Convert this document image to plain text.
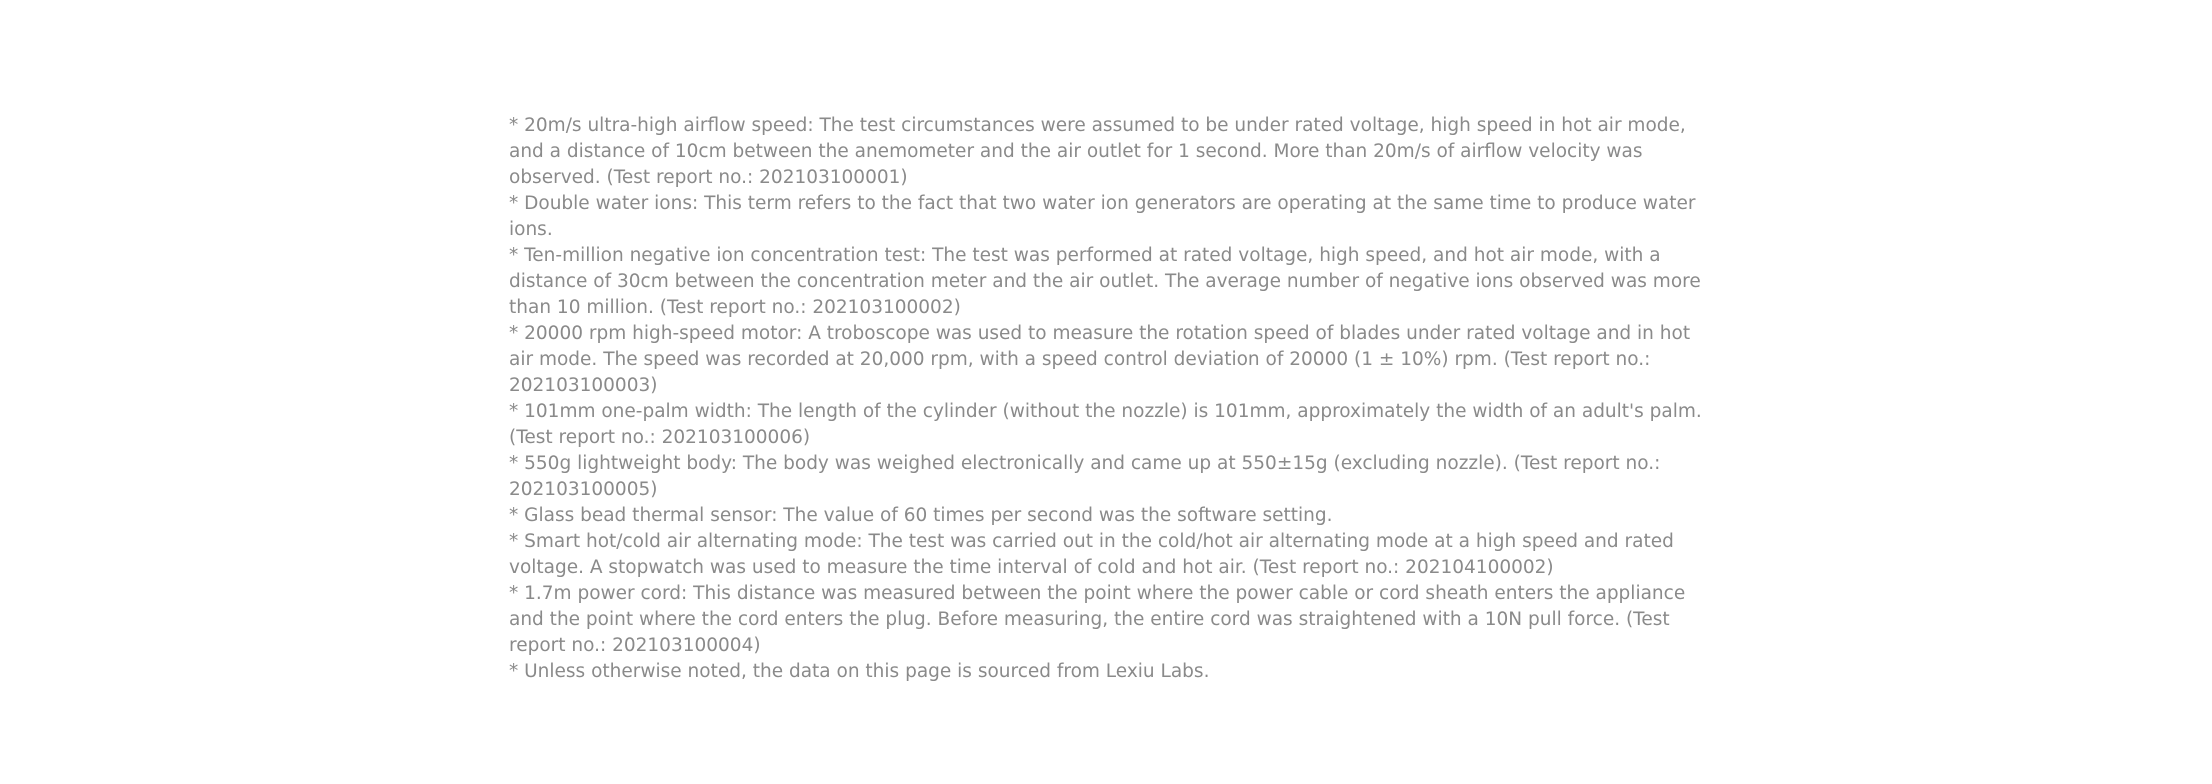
* 20m/s ultra-high airflow speed: The test circumstances were assumed to be under rated voltage, high speed in hot air mode, and a distance of 10cm between the anemometer and the air outlet for 1 second. More than 20m/s of airflow velocity was observed. (Test report no.: 202103100001)
* Double water ions: This term refers to the fact that two water ion generators are operating at the same time to produce water ions.
* Ten-million negative ion concentration test: The test was performed at rated voltage, high speed, and hot air mode, with a distance of 30cm between the concentration meter and the air outlet. The average number of negative ions observed was more than 10 million. (Test report no.: 202103100002)
* 20000 rpm high-speed motor: A troboscope was used to measure the rotation speed of blades under rated voltage and in hot air mode. The speed was recorded at 20,000 rpm, with a speed control deviation of 20000 (1 ± 10%) rpm. (Test report no.: 202103100003)
* 101mm one-palm width: The length of the cylinder (without the nozzle) is 101mm, approximately the width of an adult's palm. (Test report no.: 202103100006)
* 550g lightweight body: The body was weighed electronically and came up at 550±15g (excluding nozzle). (Test report no.: 202103100005)
* Glass bead thermal sensor: The value of 60 times per second was the software setting.
* Smart hot/cold air alternating mode: The test was carried out in the cold/hot air alternating mode at a high speed and rated voltage. A stopwatch was used to measure the time interval of cold and hot air. (Test report no.: 202104100002)
* 1.7m power cord: This distance was measured between the point where the power cable or cord sheath enters the appliance and the point where the cord enters the plug. Before measuring, the entire cord was straightened with a 10N pull force. (Test report no.: 202103100004)
* Unless otherwise noted, the data on this page is sourced from Lexiu Labs.
